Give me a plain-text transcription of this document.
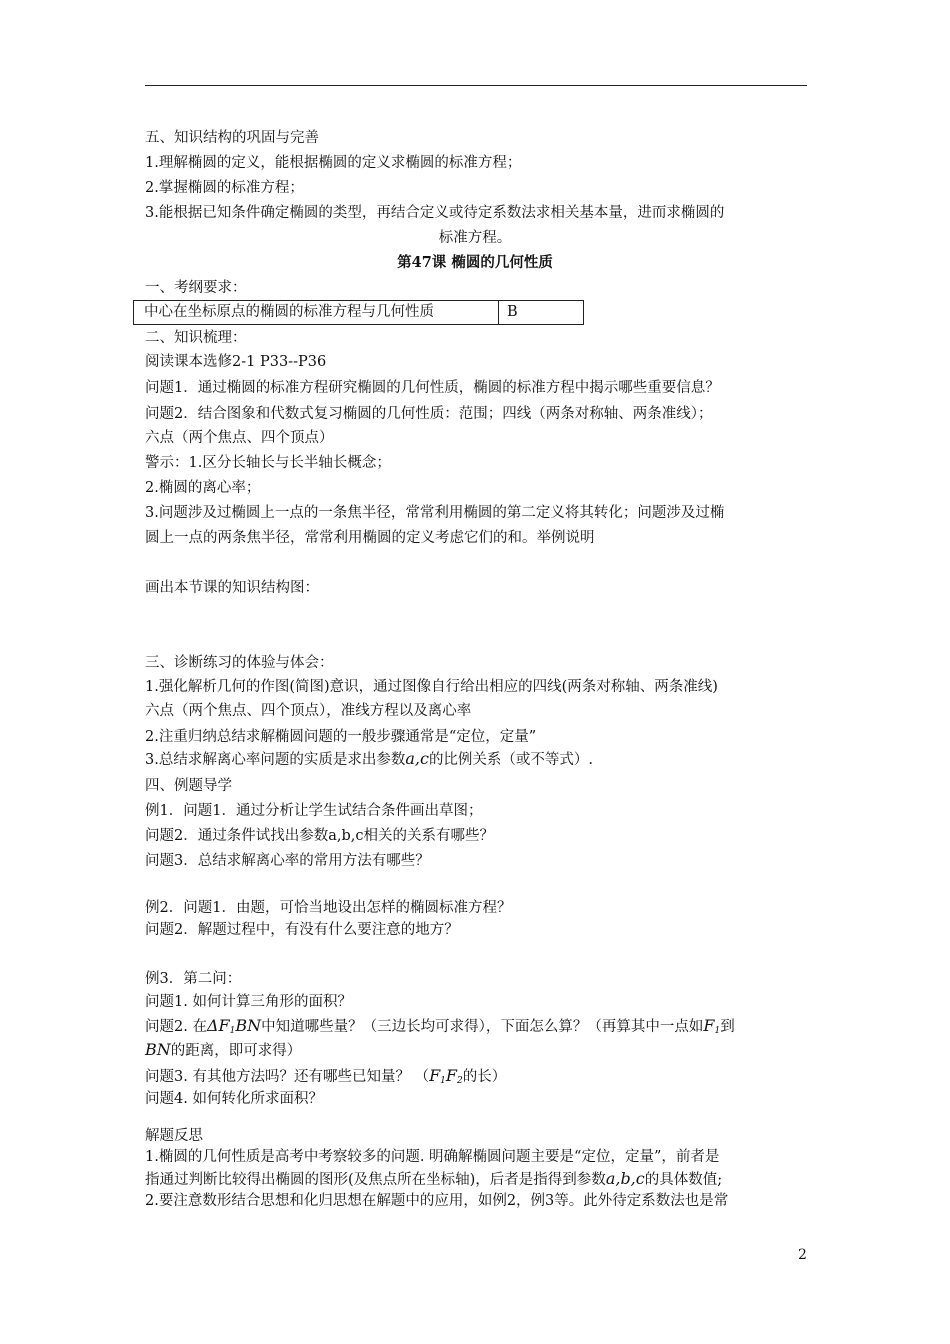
五、知识结构的巩固与完善
1.理解椭圆的定义，能根据椭圆的定义求椭圆的标准方程；
2.掌握椭圆的标准方程；
3.能根据已知条件确定椭圆的类型，再结合定义或待定系数法求相关基本量，进而求椭圆的
标准方程。
第47课 椭圆的几何性质
一、考纲要求：
中心在坐标原点的椭圆的标准方程与几何性质	B
二、知识梳理：
阅读课本选修2-1 P33--P36
问题1．通过椭圆的标准方程研究椭圆的几何性质，椭圆的标准方程中揭示哪些重要信息？
问题2．结合图象和代数式复习椭圆的几何性质：范围；四线（两条对称轴、两条准线）；
六点（两个焦点、四个顶点）
警示：1.区分长轴长与长半轴长概念；
2.椭圆的离心率；
3.问题涉及过椭圆上一点的一条焦半径，常常利用椭圆的第二定义将其转化；问题涉及过椭
圆上一点的两条焦半径，常常利用椭圆的定义考虑它们的和。举例说明
画出本节课的知识结构图：
三、诊断练习的体验与体会：
1.强化解析几何的作图(简图)意识，通过图像自行给出相应的四线(两条对称轴、两条准线)
六点（两个焦点、四个顶点），准线方程以及离心率
2.注重归纳总结求解椭圆问题的一般步骤通常是“定位，定量”
3.总结求解离心率问题的实质是求出参数a,c的比例关系（或不等式）.
四、例题导学
例1．问题1．通过分析让学生试结合条件画出草图；
问题2．通过条件试找出参数a,b,c相关的关系有哪些？
问题3．总结求解离心率的常用方法有哪些？
例2．问题1．由题，可恰当地设出怎样的椭圆标准方程？
问题2．解题过程中，有没有什么要注意的地方？
例3．第二问：
问题1. 如何计算三角形的面积？
问题2. 在$\Delta F_1BN$中知道哪些量？（三边长均可求得），下面怎么算？（再算其中一点如$F_1$到
BN的距离，即可求得）
问题3. 有其他方法吗？还有哪些已知量？ （$F_1F_2$的长）
问题4. 如何转化所求面积？
解题反思
1.椭圆的几何性质是高考中考察较多的问题. 明确解椭圆问题主要是“定位，定量”，前者是
指通过判断比较得出椭圆的图形(及焦点所在坐标轴)，后者是指得到参数a,b,c的具体数值;
2.要注意数形结合思想和化归思想在解题中的应用，如例2，例3等。此外待定系数法也是常
2
